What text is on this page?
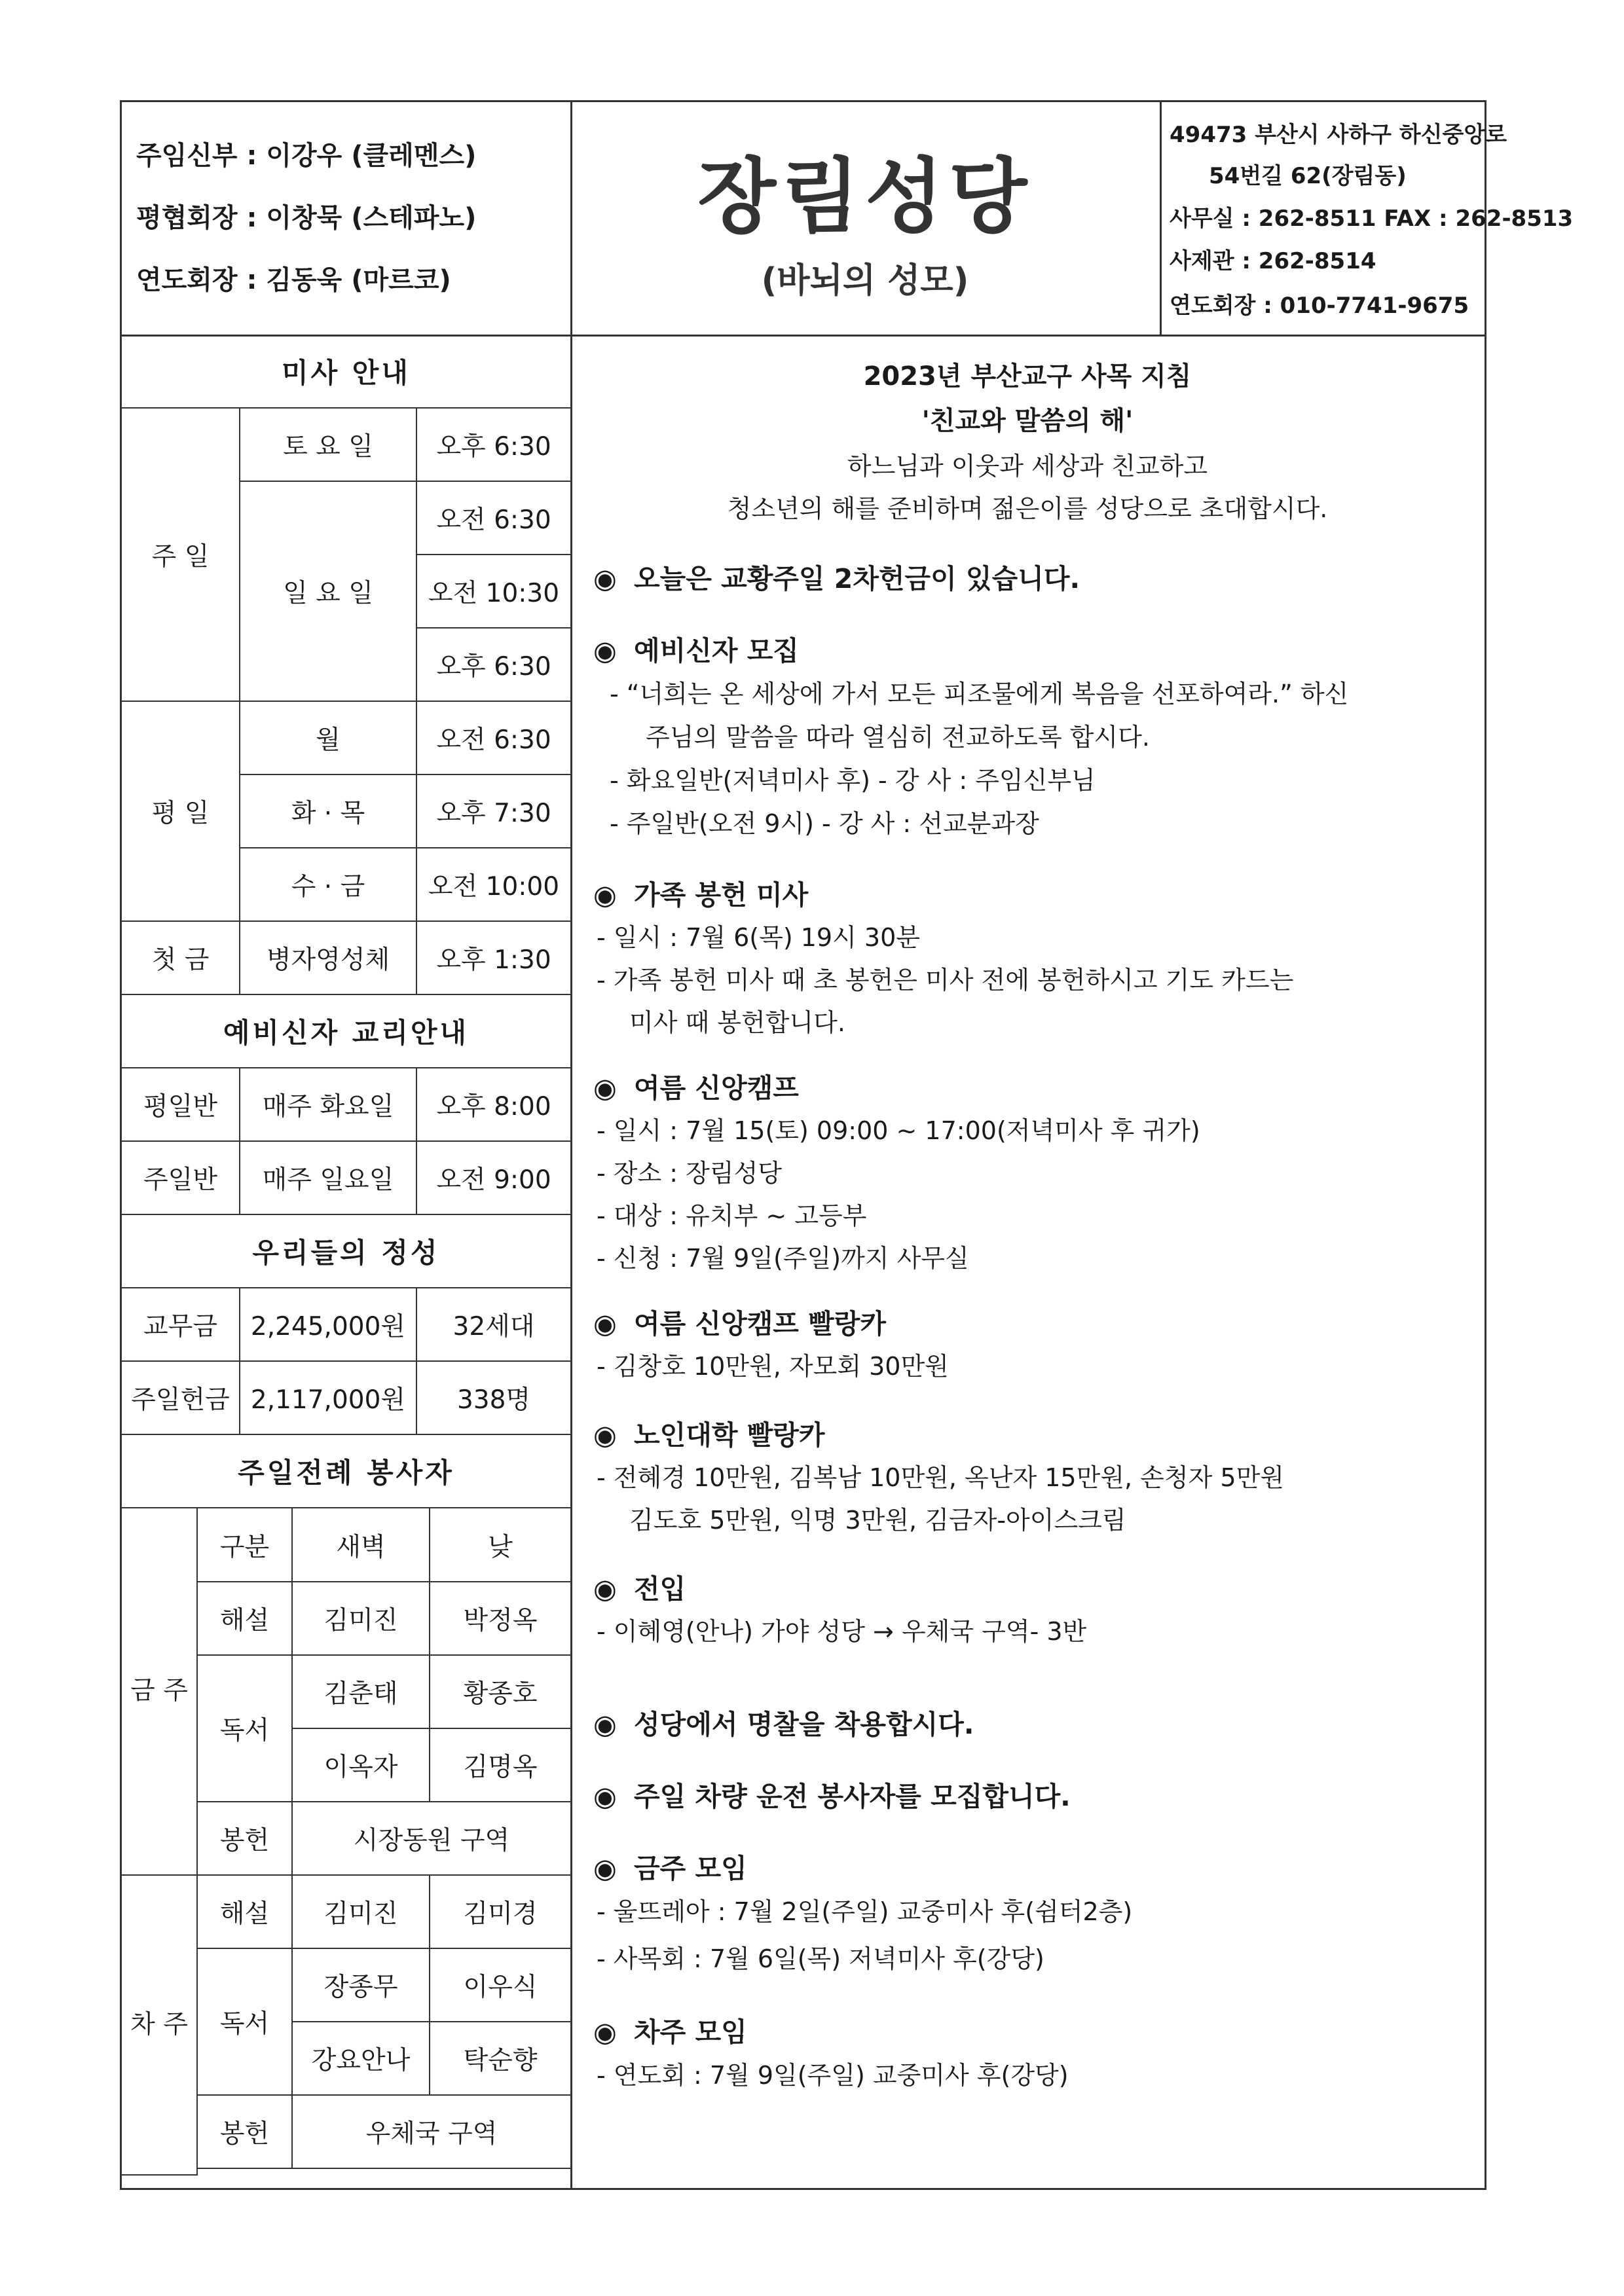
주임신부 : 이강우 (클레멘스)
평협회장 : 이창묵 (스테파노)
연도회장 : 김동욱 (마르코)
장림성당
(바뇌의 성모)
49473 부산시 사하구 하신중앙로
54번길 62(장림동)
사무실 : 262-8511 FAX : 262-8513
사제관 : 262-8514
연도회장 : 010-7741-9675
미사 안내		
주 일	토 요 일	오후 6:30
	일 요 일	오전 6:30
		오전 10:30
		오후 6:30
평 일	월	오전 6:30
	화 · 목	오후 7:30
	수 · 금	오전 10:00
첫 금	병자영성체	오후 1:30
예비신자 교리안내		
평일반	매주 화요일	오후 8:00
주일반	매주 일요일	오전 9:00
우리들의 정성		
교무금	2,245,000원	32세대
주일헌금	2,117,000원	338명
주일전례 봉사자		
금 주	구분	새벽	낮
	해설	김미진	박정옥
	독서	김춘태	황종호
		이옥자	김명옥
	봉헌	시장동원 구역	
차 주	해설	김미진	김미경
	독서	장종무	이우식
		강요안나	탁순향
	봉헌	우체국 구역	

2023년 부산교구 사목 지침
'친교와 말씀의 해'
하느님과 이웃과 세상과 친교하고
청소년의 해를 준비하며 젊은이를 성당으로 초대합시다.
◉ 오늘은 교황주일 2차헌금이 있습니다.
◉ 예비신자 모집
- “너희는 온 세상에 가서 모든 피조물에게 복음을 선포하여라.” 하신
주님의 말씀을 따라 열심히 전교하도록 합시다.
- 화요일반(저녁미사 후) - 강 사 : 주임신부님
- 주일반(오전 9시) - 강 사 : 선교분과장
◉ 가족 봉헌 미사
- 일시 : 7월 6(목) 19시 30분
- 가족 봉헌 미사 때 초 봉헌은 미사 전에 봉헌하시고 기도 카드는
미사 때 봉헌합니다.
◉ 여름 신앙캠프
- 일시 : 7월 15(토) 09:00 ~ 17:00(저녁미사 후 귀가)
- 장소 : 장림성당
- 대상 : 유치부 ~ 고등부
- 신청 : 7월 9일(주일)까지 사무실
◉ 여름 신앙캠프 빨랑카
- 김창호 10만원, 자모회 30만원
◉ 노인대학 빨랑카
- 전혜경 10만원, 김복남 10만원, 옥난자 15만원, 손청자 5만원
김도호 5만원, 익명 3만원, 김금자-아이스크림
◉ 전입
- 이혜영(안나) 가야 성당 → 우체국 구역- 3반
◉ 성당에서 명찰을 착용합시다.
◉ 주일 차량 운전 봉사자를 모집합니다.
◉ 금주 모임
- 울뜨레아 : 7월 2일(주일) 교중미사 후(쉼터2층)
- 사목회 : 7월 6일(목) 저녁미사 후(강당)
◉ 차주 모임
- 연도회 : 7월 9일(주일) 교중미사 후(강당)
